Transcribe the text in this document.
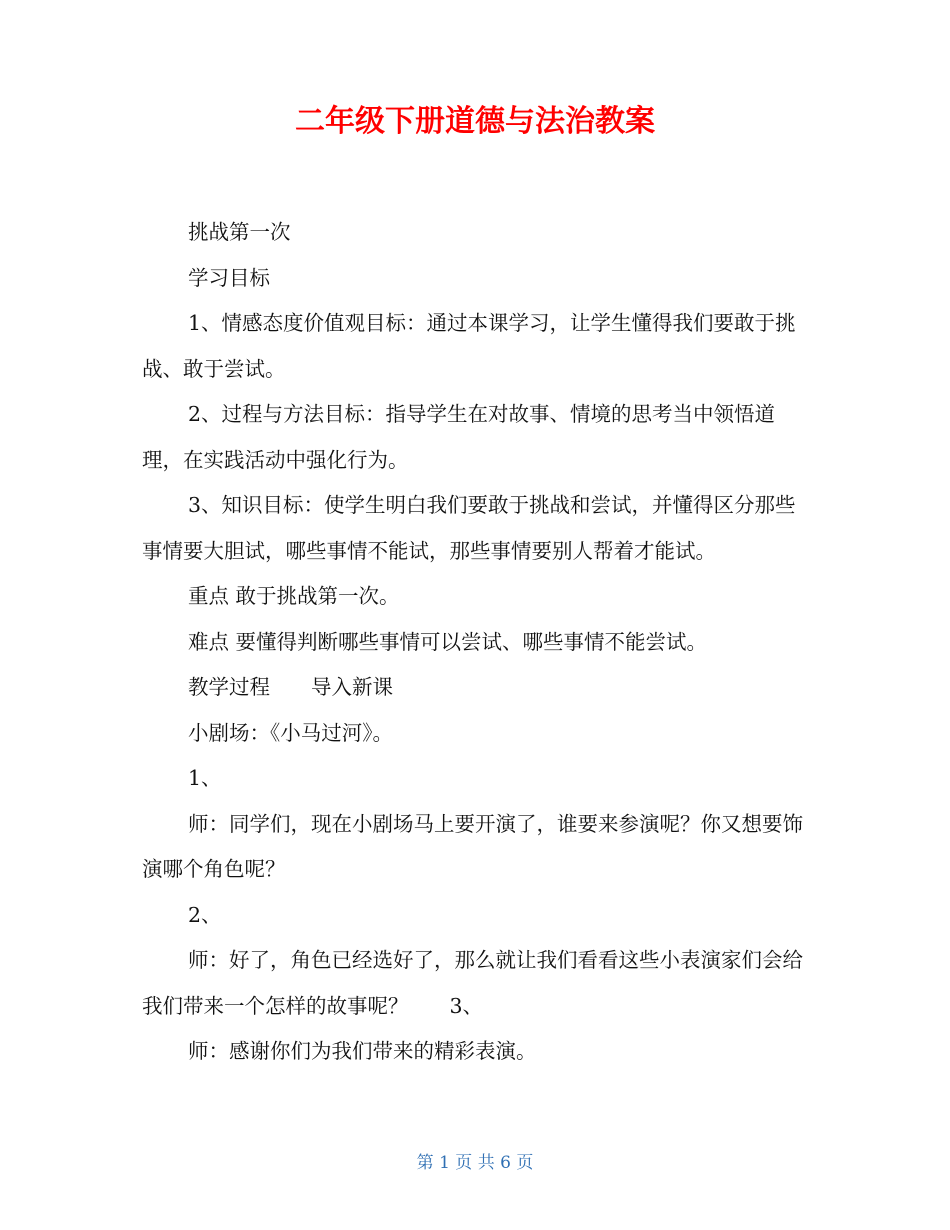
二年级下册道德与法治教案

挑战第一次

学习目标

1、情感态度价值观目标：通过本课学习，让学生懂得我们要敢于挑战、敢于尝试。

2、过程与方法目标：指导学生在对故事、情境的思考当中领悟道理，在实践活动中强化行为。

3、知识目标：使学生明白我们要敢于挑战和尝试，并懂得区分那些事情要大胆试，哪些事情不能试，那些事情要别人帮着才能试。

重点 敢于挑战第一次。

难点 要懂得判断哪些事情可以尝试、哪些事情不能尝试。

教学过程　　导入新课

小剧场：《小马过河》。

1、

师：同学们，现在小剧场马上要开演了，谁要来参演呢？你又想要饰演哪个角色呢？

2、

师：好了，角色已经选好了，那么就让我们看看这些小表演家们会给我们带来一个怎样的故事呢？　　3、

师：感谢你们为我们带来的精彩表演。

第 1 页 共 6 页
